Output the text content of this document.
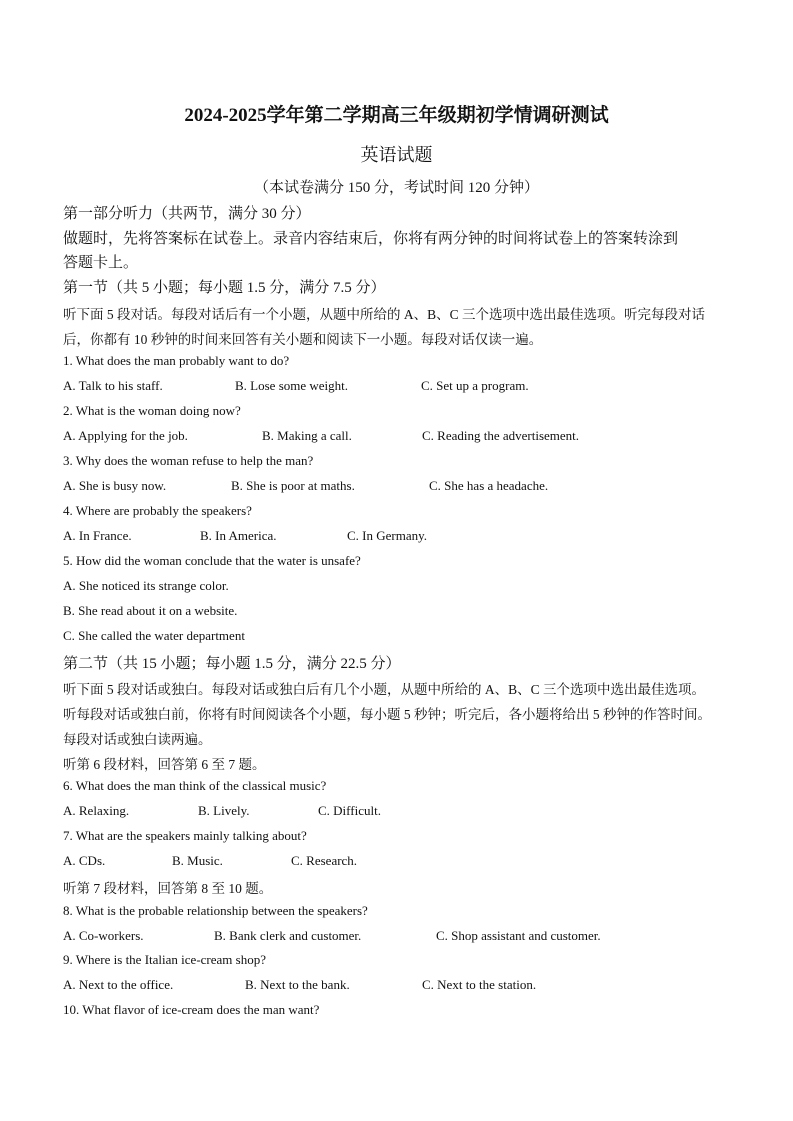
2024-2025学年第二学期高三年级期初学情调研测试
英语试题
（本试卷满分 150 分，考试时间 120 分钟）
第一部分听力（共两节，满分 30 分）
做题时，先将答案标在试卷上。录音内容结束后，你将有两分钟的时间将试卷上的答案转涂到
答题卡上。
第一节（共 5 小题；每小题 1.5 分，满分 7.5 分）
听下面 5 段对话。每段对话后有一个小题，从题中所给的 A、B、C 三个选项中选出最佳选项。听完每段对话
后，你都有 10 秒钟的时间来回答有关小题和阅读下一小题。每段对话仅读一遍。
1. What does the man probably want to do?
A. Talk to his staff.	B. Lose some weight.	C. Set up a program.
2. What is the woman doing now?
A. Applying for the job.	B. Making a call.	C. Reading the advertisement.
3. Why does the woman refuse to help the man?
A. She is busy now.	B. She is poor at maths.	C. She has a headache.
4. Where are probably the speakers?
A. In France.	B. In America.	C. In Germany.
5. How did the woman conclude that the water is unsafe?
A. She noticed its strange color.
B. She read about it on a website.
C. She called the water department
第二节（共 15 小题；每小题 1.5 分，满分 22.5 分）
听下面 5 段对话或独白。每段对话或独白后有几个小题，从题中所给的 A、B、C 三个选项中选出最佳选项。
听每段对话或独白前，你将有时间阅读各个小题，每小题 5 秒钟；听完后，各小题将给出 5 秒钟的作答时间。
每段对话或独白读两遍。
听第 6 段材料，回答第 6 至 7 题。
6. What does the man think of the classical music?
A. Relaxing.	B. Lively.	C. Difficult.
7. What are the speakers mainly talking about?
A. CDs.	B. Music.	C. Research.
听第 7 段材料，回答第 8 至 10 题。
8. What is the probable relationship between the speakers?
A. Co-workers.	B. Bank clerk and customer.	C. Shop assistant and customer.
9. Where is the Italian ice-cream shop?
A. Next to the office.	B. Next to the bank.	C. Next to the station.
10. What flavor of ice-cream does the man want?
